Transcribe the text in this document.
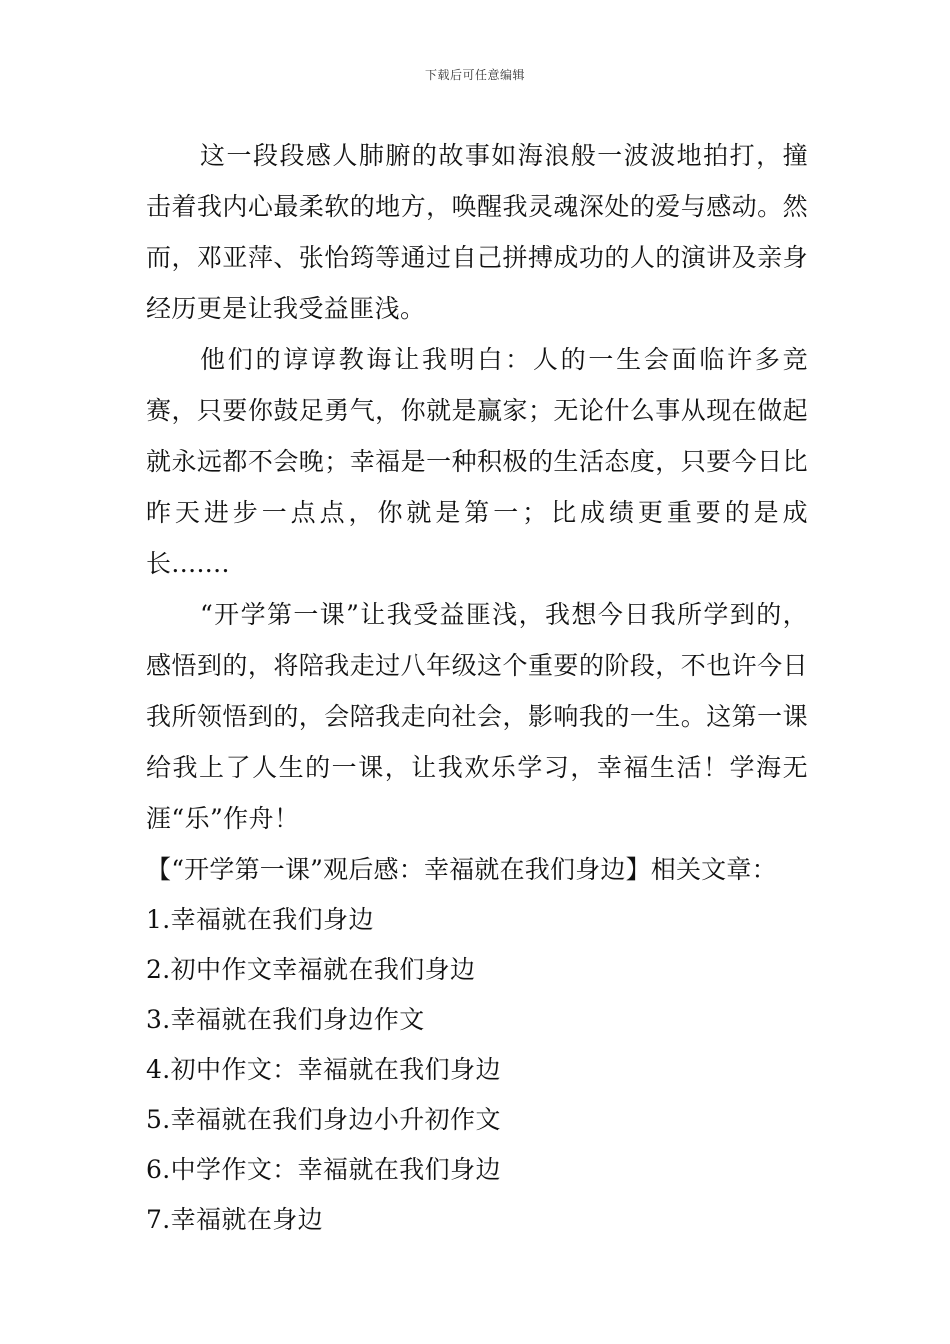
下载后可任意编辑

这一段段感人肺腑的故事如海浪般一波波地拍打，撞击着我内心最柔软的地方，唤醒我灵魂深处的爱与感动。然而，邓亚萍、张怡筠等通过自己拼搏成功的人的演讲及亲身经历更是让我受益匪浅。

他们的谆谆教诲让我明白：人的一生会面临许多竞赛，只要你鼓足勇气，你就是赢家；无论什么事从现在做起就永远都不会晚；幸福是一种积极的生活态度，只要今日比昨天进步一点点，你就是第一；比成绩更重要的是成长.......

“开学第一课”让我受益匪浅，我想今日我所学到的，感悟到的，将陪我走过八年级这个重要的阶段，不也许今日我所领悟到的，会陪我走向社会，影响我的一生。这第一课给我上了人生的一课，让我欢乐学习，幸福生活！学海无涯“乐”作舟！

【“开学第一课”观后感：幸福就在我们身边】相关文章：

1.幸福就在我们身边
2.初中作文幸福就在我们身边
3.幸福就在我们身边作文
4.初中作文：幸福就在我们身边
5.幸福就在我们身边小升初作文
6.中学作文：幸福就在我们身边
7.幸福就在身边
